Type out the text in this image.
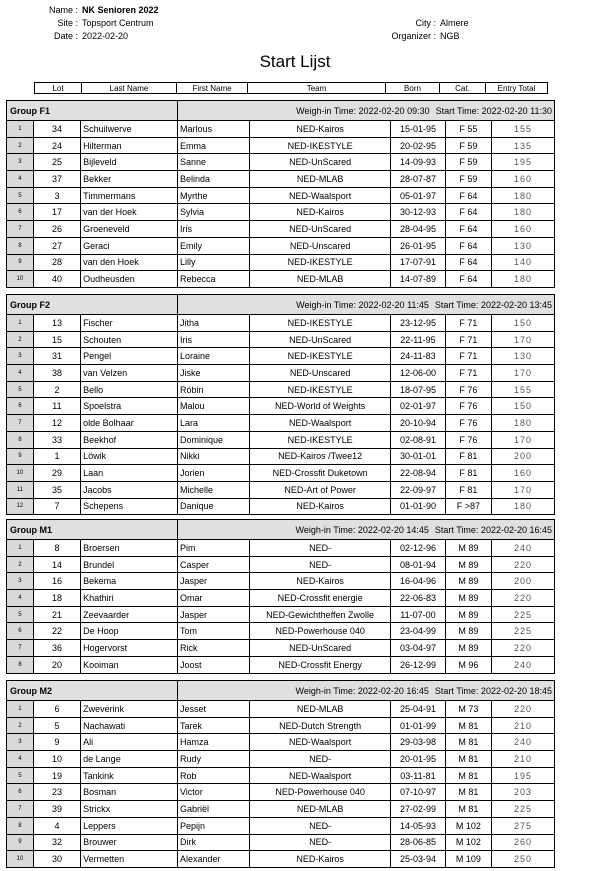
Name : NK Senioren 2022
Site : Topsport Centrum
Date : 2022-02-20
City : Almere
Organizer : NGB
Start Lijst
Lot	Last Name	First Name	Team	Born	Cat.	Entry Total
Group F1			Weigh-in Time: 2022-02-20 09:30 Start Time: 2022-02-20 11:30				
1	34	Schuilwerve	Marlous	NED-Kairos	15-01-95	F 55	155
2	24	Hilterman	Emma	NED-IKESTYLE	20-02-95	F 59	135
3	25	Bijleveld	Sanne	NED-UnScared	14-09-93	F 59	195
4	37	Bekker	Belinda	NED-MLAB	28-07-87	F 59	160
5	3	Timmermans	Myrthe	NED-Waalsport	05-01-97	F 64	180
6	17	van der Hoek	Sylvia	NED-Kairos	30-12-93	F 64	180
7	26	Groeneveld	Iris	NED-UnScared	28-04-95	F 64	160
8	27	Geraci	Emily	NED-Unscared	26-01-95	F 64	130
9	28	van den Hoek	Lilly	NED-IKESTYLE	17-07-91	F 64	140
10	40	Oudheusden	Rebecca	NED-MLAB	14-07-89	F 64	180
Group F2			Weigh-in Time: 2022-02-20 11:45 Start Time: 2022-02-20 13:45				
1	13	Fischer	Jitha	NED-IKESTYLE	23-12-95	F 71	150
2	15	Schouten	Iris	NED-UnScared	22-11-95	F 71	170
3	31	Pengel	Loraine	NED-IKESTYLE	24-11-83	F 71	130
4	38	van Velzen	Jiske	NED-Unscared	12-06-00	F 71	170
5	2	Bello	Róbin	NED-IKESTYLE	18-07-95	F 76	155
6	11	Spoelstra	Malou	NED-World of Weights	02-01-97	F 76	150
7	12	olde Bolhaar	Lara	NED-Waalsport	20-10-94	F 76	180
8	33	Beekhof	Dominique	NED-IKESTYLE	02-08-91	F 76	170
9	1	Löwik	Nikki	NED-Kairos /Twee12	30-01-01	F 81	200
10	29	Laan	Jorien	NED-Crossfit Duketown	22-08-94	F 81	160
11	35	Jacobs	Michelle	NED-Art of Power	22-09-97	F 81	170
12	7	Schepens	Danique	NED-Kairos	01-01-90	F >87	180
Group M1			Weigh-in Time: 2022-02-20 14:45 Start Time: 2022-02-20 16:45				
1	8	Broersen	Pim	NED-	02-12-96	M 89	240
2	14	Brundel	Casper	NED-	08-01-94	M 89	220
3	16	Bekema	Jasper	NED-Kairos	16-04-96	M 89	200
4	18	Khathiri	Omar	NED-Crossfit energie	22-06-83	M 89	220
5	21	Zeevaarder	Jasper	NED-Gewichtheffen Zwolle	11-07-00	M 89	225
6	22	De Hoop	Tom	NED-Powerhouse 040	23-04-99	M 89	225
7	36	Hogervorst	Rick	NED-UnScared	03-04-97	M 89	220
8	20	Kooiman	Joost	NED-Crossfit Energy	26-12-99	M 96	240
Group M2			Weigh-in Time: 2022-02-20 16:45 Start Time: 2022-02-20 18:45				
1	6	Zweverink	Jesset	NED-MLAB	25-04-91	M 73	220
2	5	Nachawati	Tarek	NED-Dutch Strength	01-01-99	M 81	210
3	9	Ali	Hamza	NED-Waalsport	29-03-98	M 81	240
4	10	de Lange	Rudy	NED-	20-01-95	M 81	210
5	19	Tankink	Rob	NED-Waalsport	03-11-81	M 81	195
6	23	Bosman	Victor	NED-Powerhouse 040	07-10-97	M 81	203
7	39	Strickx	Gabriël	NED-MLAB	27-02-99	M 81	225
8	4	Leppers	Pepijn	NED-	14-05-93	M 102	275
9	32	Brouwer	Dirk	NED-	28-06-85	M 102	260
10	30	Vermetten	Alexander	NED-Kairos	25-03-94	M 109	250
